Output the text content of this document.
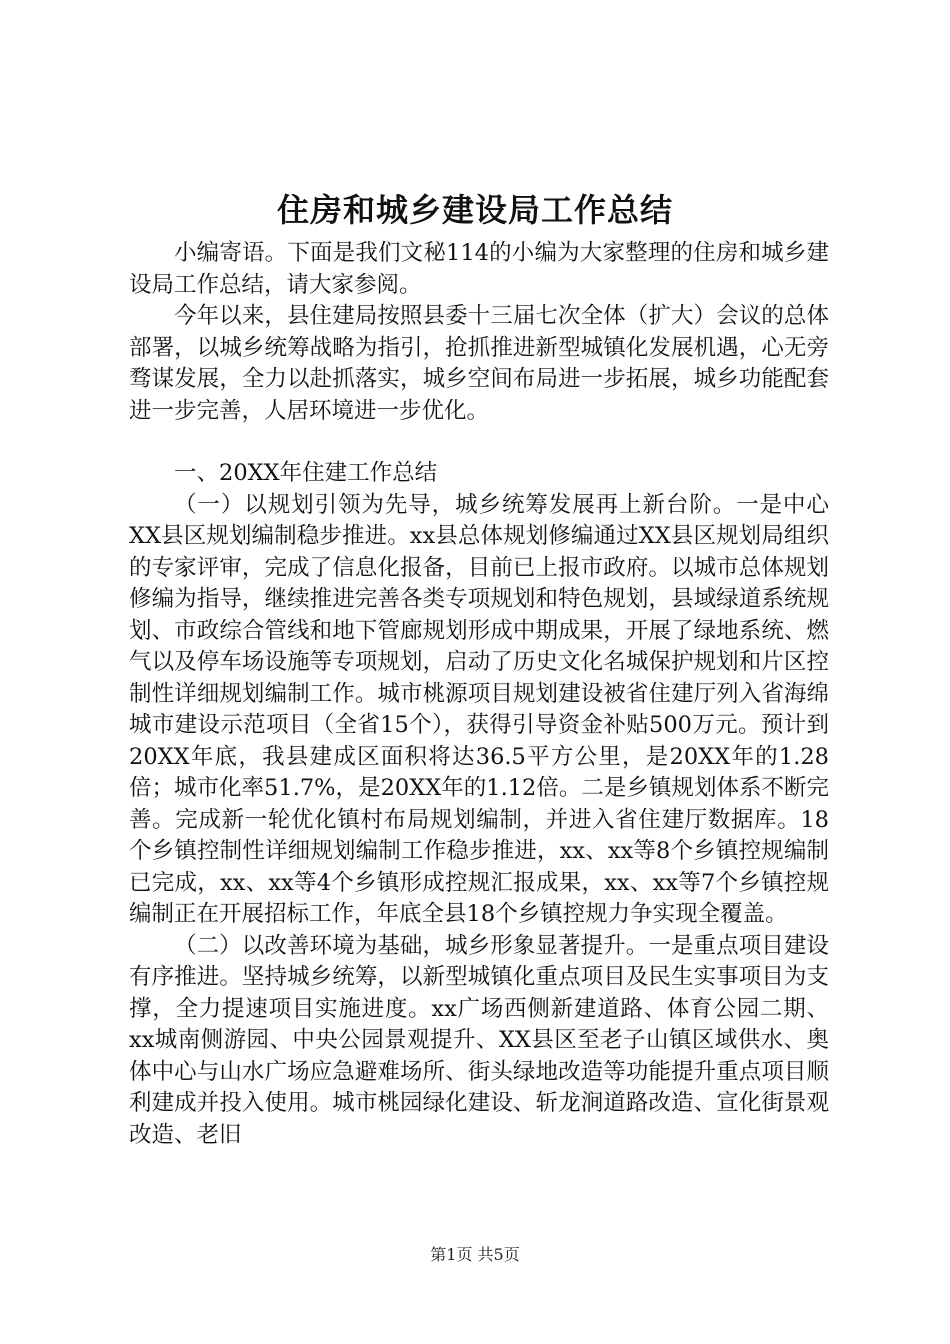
住房和城乡建设局工作总结

小编寄语。下面是我们文秘114的小编为大家整理的住房和城乡建设局工作总结，请大家参阅。

今年以来，县住建局按照县委十三届七次全体（扩大）会议的总体部署，以城乡统筹战略为指引，抢抓推进新型城镇化发展机遇，心无旁骛谋发展，全力以赴抓落实，城乡空间布局进一步拓展，城乡功能配套进一步完善，人居环境进一步优化。

一、20XX年住建工作总结

（一）以规划引领为先导，城乡统筹发展再上新台阶。一是中心XX县区规划编制稳步推进。xx县总体规划修编通过XX县区规划局组织的专家评审，完成了信息化报备，目前已上报市政府。以城市总体规划修编为指导，继续推进完善各类专项规划和特色规划，县域绿道系统规划、市政综合管线和地下管廊规划形成中期成果，开展了绿地系统、燃气以及停车场设施等专项规划，启动了历史文化名城保护规划和片区控制性详细规划编制工作。城市桃源项目规划建设被省住建厅列入省海绵城市建设示范项目（全省15个），获得引导资金补贴500万元。预计到20XX年底，我县建成区面积将达36.5平方公里，是20XX年的1.28倍；城市化率51.7%，是20XX年的1.12倍。二是乡镇规划体系不断完善。完成新一轮优化镇村布局规划编制，并进入省住建厅数据库。18个乡镇控制性详细规划编制工作稳步推进，xx、xx等8个乡镇控规编制已完成，xx、xx等4个乡镇形成控规汇报成果，xx、xx等7个乡镇控规编制正在开展招标工作，年底全县18个乡镇控规力争实现全覆盖。

（二）以改善环境为基础，城乡形象显著提升。一是重点项目建设有序推进。坚持城乡统筹，以新型城镇化重点项目及民生实事项目为支撑，全力提速项目实施进度。xx广场西侧新建道路、体育公园二期、xx城南侧游园、中央公园景观提升、XX县区至老子山镇区域供水、奥体中心与山水广场应急避难场所、街头绿地改造等功能提升重点项目顺利建成并投入使用。城市桃园绿化建设、斩龙涧道路改造、宣化街景观改造、老旧

第1页 共5页
